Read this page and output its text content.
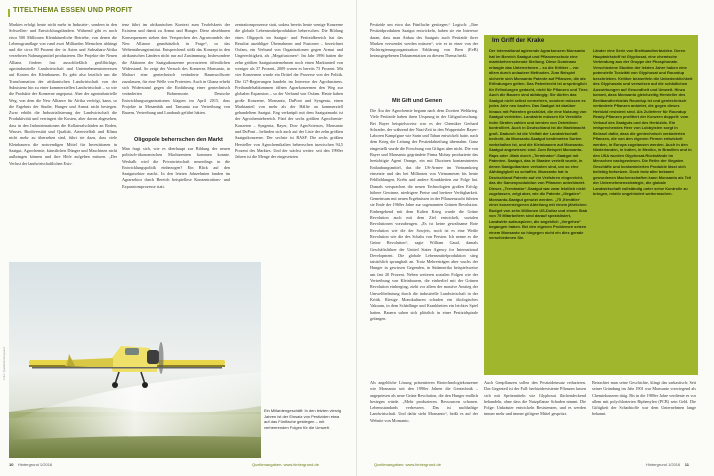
TITELTHEMA ESSEN UND PROFIT

Marktes erfolgt heute nicht mehr in Industrie-, sondern in den Schwellen- und Entwicklungsländern. Während gibt es noch etwa 500 Millionen Kleinbäuerliche Betriebe, von denen die Lebensgrundlage von rund zwei Milliarden Menschen abhängt und die circa 80 Prozent der in Asien und Subsahara-Afrika verzehrten Nahrungsmittel produzieren. Die Projekte der Neuen Allianz fördern fast ausschließlich großflächige, agroindustrielle Landwirtschaft und Unternehmensinteressen auf Kosten der Kleinbauern. Es geht also letztlich um die Transformation der afrikanischen Landwirtschaft von der Subsistenz hin zu einer kommerziellen Landwirtschaft – so wie die Produkte der Konzerne angepasst. Aber der agroindustrielle Weg, von dem die New Alliance für Afrika verfolgt, kann, so die Ergebnis der Studie, Hunger und Armut nicht besiegen. Zwar erhöht die Industrialisierung der Landwirtschaft die Produktivität und verringert die Kosten, aber davon abgesehen, dass in den Industrienationen die Kollateralschäden an Boden, Wasser, Biodiversität und Qualität, Artenvielfalt und Klima nicht mehr zu übersehen sind, führt sie dazu, dass viele Kleinbauern die notwendigen Mittel für Investitionen in Saatgut, Agrochemie, künstlichen Dünger und Maschinen nicht aufbringen können und ihre Höfe aufgeben müssen. „Der Verlust der landwirtschaftlichen Exis-

tenz führt im afrikanischen Kontext zum Teufelskreis der Existenz und damit zu Armut und Hunger. Diese absehbaren Konsequenzen stehen den Versprechen des Agrarwandels der New Alliance grundsätzlich in Frage“, so das Welternährungsinstitut. Entsprechend stößt das Konzept in den afrikanischen Ländern nicht nur auf Zustimmung. Insbesondere die Aktionen der Saatgutkonzerne provozieren öffentlichen Widerstand. So zeigt der Versuch des Konzerns Monsanto, in Malawi eine gentechnisch veränderte Baumwollsorte zuzulassen, für eine Welle von Protesten. Auch in Ghana erhebt sich Widerstand gegen die Einführung einer gentechnisch veränderten Bohnensorte. Deutsche Entwicklungsorganisationen klagten im April 2015, dass Projekte in Mosambik und Tansania zur Vertreibung von Bauern, Vertreibung und Landraub geführt hätten.

Oligopole beherrschen den Markt

Man fragt sich, wie es überhaupt zur Bildung der neuen politisch-ökonomischen Machtzentren kommen konnte. Weshalb wird die Privatwirtschaft neuerdings in die Entwicklungspolitik einbezogen? Ein Blick auf den Saatgutsektor macht. In den letzten Jahrzehnten fanden im Agrarsektor durch Bereich beispiellose Konzentrations- und Expansionsprozesse statt.

zentrationsprozesse statt, sodass bereits heute wenige Konzerne die globale Lebensmittelproduktion beherrschen. Die Bildung eines Oligopols im Saatgut- und Pestizidbereich hat das Resultat unzähliger Übernahmen und Fusionen – bezeichnet Oxfam, ein Verbund von Organisationen gegen Armut und Ungerechtigkeit, als „Megafusionen“. Im Jahr 1996 hatten die zehn größten Saatgutunternehmen noch einen Marktanteil von weniger als 37 Prozent, 2009 waren es bereits 73 Prozent. Mit vier Konzernen wurde ein Drittel der Prozesse von der Politik. Die G7-Regierungen handeln im Interesse der Agrobusiness. Freihandelsabkommen öffnen Agrarkonzernen den Weg zur globalen Expansion – so der Verband von Oxfam. Heute haben große Konzerne, Monsanto, DuPont und Syngenta, einen Marktanteil von mehr als der Hälfte an kommerziell gehandeltem Saatgut. Eng verknüpft mit dem Saatgutmarkt ist der Agrochemiebereich. Fünf der sechs größten Agrochemie-Konzerne – Syngenta, Bayer, Dow AgroSciences, Monsanto und DuPont – befinden sich auch auf der Liste der zehn größten Saatgutkonzerne. Der sechste ist BASF. Die sechs größten Hersteller von Agrochemikalien beherrschen inzwischen 94,5 Prozent des Marktes. Und der wächst weiter: seit den 1990er Jahren ist die Menge der eingesetzten

Foto: Quelle/Hintergrund
Ein Millardengeschäft: In den letzten vierzig Jahren ist der Einsatz von Pestiziden etwa auf das Fünffache gestiegen – mit verheerenden Folgen für die Umwelt.
10 Hintergrund 1/2016	Quellenangaben: www.hintergrund.de

Pestizide um etwa das Fünffache gestiegen.“ Logisch: „Ihre Pestizidprodukten Saatgut entwickeln, haben sie ein Interesse daran, dass man Anbau des Saatguts auch Pestizide ihrer Marken verwendet werden müssen“, wie es in einer von der Nichtregierungsorganisation Erklärung von Bern (EvB) herausgegebenen Dokumentation zu diesem Thema heißt.

Mit Gift und Genen

Die Ära der Agrochemie begann nach dem Zweiten Weltkrieg. Viele Pestizide haben ihren Ursprung in der Giftgasforschung. Bei Bayer beispielsweise war es der Chemiker Gerhard Schrader, der während der Nazi-Zeit in den Wuppertaler Bayer-Laboren Kampfgase wie Sarin und Tabun entwickelt hatte, nach dem Krieg die Leitung der Pestizidabteilung übernahm. Ganz eingestellt wurde die Forschung von Giftgas aber nicht. Die von Bayer und Monsanto gegründete Firma Mobay produzierte das berüchtigte Agent Orange, ein mit Dioxinen kontaminiertes Entlaubungsmittel, das die US-Armee im Vietnamkrieg einsetzte und das bei Millionen von Vietnamesen bis heute Fehlbildungen, Krebs und andere Krankheiten zur Folge hat. Damals versprachen die neuen Technologien großen Erfolg: höhere Gewinne, niedrigere Preise und breitere Verfügbarkeit. Gemeinsam mit neuen Ergebnissen in der Pflanzenzucht führten sie Ende der 1960er Jahre zur sogenannten Grünen Revolution. Einhergehend mit dem Kalten Krieg wurde die Grüne Revolution auch mit dem Ziel entwickelt, sozialen Revolutionen vorzubeugen. „Es ist keine gewaltsame Rote Revolution wie die der Sowjets, noch ist es eine Weiße Revolution wie die des Schahs von Persien. Ich nenne es die Grüne Revolution“, sagte William Gaud, damals Geschäftsführer der United States Agency for International Development. Die globale Lebensmittelproduktion stieg tatsächlich sprunghaft an. Trotz Mehrerträgen aber wuchs der Hunger in gewissen Gegenden, in Südamerika beispielsweise um fast 20 Prozent. Neben weiteren sozialen Folgen wie der Vertreibung von Kleinbauern, die einherlief mit der Grünen Revolution einherging, zieht vor allem der massive Anstieg der Umweltbelastung durch die industrielle Landwirtschaft in der Kritik. Riesige Monokulturen schaden ein ökologisches Vakuum, in dem Schädlinge und Krankheiten ein leichtes Spiel hatten. Bauern sahen sich plötzlich in einer Pestizidspirale gefangen.

Im Griff der Krake
Der international agierende Agrarkonzern Monsanto hat im Bereich Saatgut und Pflanzenschutz eine marktbeherrschende Stellung. Diese Dominanz erlangte das Unternehmen – so die Kritiker – vor allem durch unlautere Methoden. Zum Beispiel sicherte sich Monsanto Patente auf Pflanzen, die als Erfindungen gelten. Das Patentrecht ist ursprünglich für Erfindungen gedacht, nicht für Pflanzen und Tiere. Auch die Bauern sind abhängig: Sie dürfen das Saatgut nicht selbst vermehren, sondern müssen es jedes Jahr neu kaufen. Das Saatgut ist darüber hinaus mit Patenten geschützt, die eine Nutzung von Saatgut verbieten. Landwirte müssen für Verstöße hohe Strafen zahlen und werden von Detektiven kontrolliert. Auch in Deutschland ist die Marktmacht groß. Dadurch ist die Vielfalt der Landwirtschaft bedroht, da Monsanto-Saatgut bestimmten Sorten vorbehalten ist, und die Kleinbauern auf Monsanto-Saatgut angewiesen sind. Zum Beispiel Monsanto-Raps oder -Mais durch „Terminator“-Saatgut mit Patenten. Saatgut, das in Staaten verteilt wurde, in denen Saatgutbanken verboten sind, um so eine Abhängigkeit zu schaffen. Monsanto hat in Deutschland Patente auf ein Verfahren eingereicht, das die Samenproduktion von Pflanzen unterbindet. Dieses „Terminator“-Saatgut war zwar letztlich nicht zugelassen, zeigt aber, wie die Patente „illegalen“ Monsanto-Saatgut genutzt werden. „75 ‚Ermittler‘ einer konzerneigenen Abteilung mit einem jährlichen Budget von zehn Millionen US-Dollar und einem Stab von 75 Mitarbeitern sind darauf spezialisiert, Landwirte aufzuspüren, die angeblich „Vergehen“ begangen haben. Bei den eigenen Problemen setzen einem Monsanto so hingegen nicht ein dies gerade verschiedenen Sie.
Länder eine Serie von Breitbandherbiziden. Deren Hauptwirkstoff ist Glyphosat, eine chemische Verbindung aus der Gruppe der Phosphonate. Verschiedene Studien der letzten Jahre haben eine potenzielle Toxizität von Glyphosat und Roundup beschrieben. Kritiker bezweifeln die Unbedenklichkeit des Glyphosats und verweisen auf die schädlichen Auswirkungen auf Gesundheit und Umwelt. Hinzu kommt, dass Monsanto gleichzeitig Hersteller des Breitbandherbizids Roundup ist und gentechnisch veränderte Pflanzen anbietet, die gegen dieses Herbizid resistent sind. Als Zulieferer für Roundup Ready-Pflanzen profitiert der Konzern doppelt: vom Verkauf des Saatguts und des Herbizids. Ein entsprechendes Heer von Lobbyisten sorgt in Brüssel dafür, dass die gentechnisch veränderten Pflanzen, die von den eigenen Firmen entwickelt werden, in Europa zugelassen werden. Auch in den Niederlanden, in Indien, in Mexiko, in Brasilien und in den USA wurden Glyphosat-Rückstände im Menschen nachgewiesen. Die Reihe der illegalen Geschäfte und kontaminierten Produkte lässt sich beliebig fortsetzen. Doch trotz aller bekannt gewordenen Machenschaften kann Monsanto als Teil der Unternehmensstrategie, die globale Landwirtschaft vollständig unter seine Kontrolle zu bringen, relativ ungehindert weitermachen.

Als angebliche Lösung präsentieren Biotechnologiekonzerne wie Monsanto seit den 1990er Jahren die Gentechnik – angepriesen als neue Grüne Revolution, die den Hunger endlich besiegen würde. „Mehr produzieren. Ressourcen schonen. Lebensstandards verbessern. Das ist nachhaltige Landwirtschaft. Und dafür steht Monsanto“, heißt es auf der Website von Monsanto.

Auch Genpflanzen sollen den Pestizideinsatz reduzieren. Das Gegenteil ist der Fall: herbizidresistente Pflanzen lassen sich mit Spritzmitteln wie Glyphosat flächendeckend behandeln, ohne dass die Nutzpflanze Schaden nimmt. Die Folge: Unkräuter entwickeln Resistenzen, und es werden immer mehr und immer giftigere Mittel gespritzt.

Betrachtet man seine Geschichte, klingt das sarkastisch: Seit seiner Gründung im Jahr 1901 war Monsanto vorwiegend als Chemiekonzern tätig. Bis in die 1980er Jahre verdiente es vor allem mit polychlorierten Biphenylen (PCB) sein Geld. Die Giftigkeit der Schadstoffe war dem Unternehmen lange bekannt.

Quellenangaben: www.hintergrund.de	Hintergrund 1/2016 11
